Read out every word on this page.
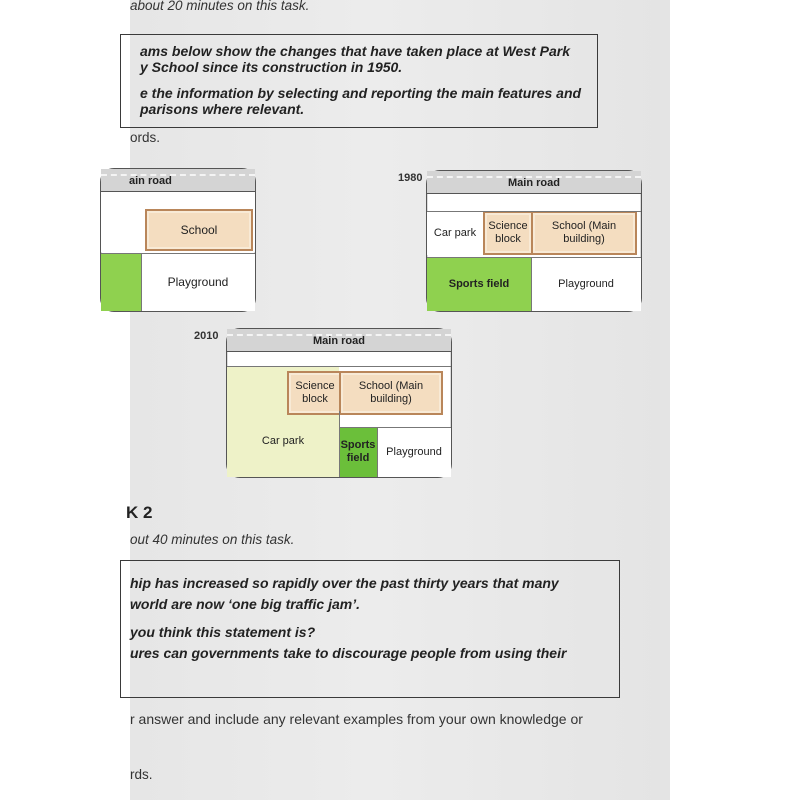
about 20 minutes on this task.
ams below show the changes that have taken place at West Park
y School since its construction in 1950.
e the information by selecting and reporting the main features and
parisons where relevant.
ords.
ain road
School
Playground
1980	Main road
Car park
Science block
School (Main building)
Sports field	Playground
2010	Main road
Car park
Science block
School (Main building)
Sports field
Playground
K 2
out 40 minutes on this task.
hip has increased so rapidly over the past thirty years that many
world are now ‘one big traffic jam’.
you think this statement is?
ures can governments take to discourage people from using their
r answer and include any relevant examples from your own knowledge or
rds.
